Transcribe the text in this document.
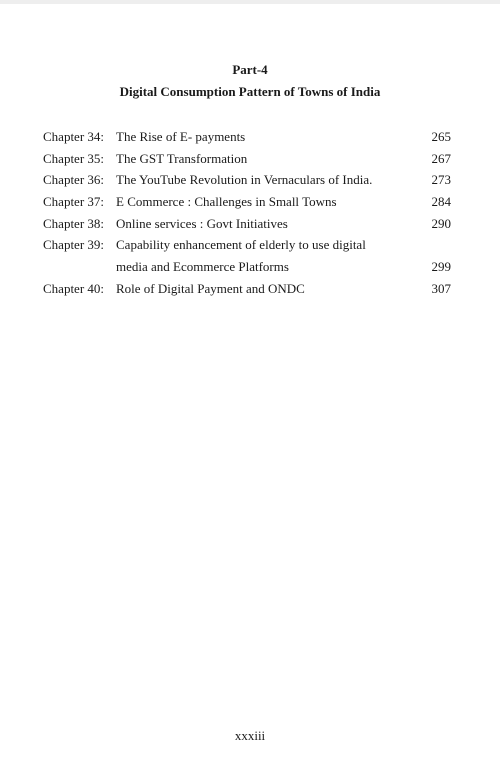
Part-4
Digital Consumption Pattern of Towns of India
Chapter 34: The Rise of E- payments	265
Chapter 35: The GST Transformation	267
Chapter 36: The YouTube Revolution in Vernaculars of India.	273
Chapter 37: E Commerce : Challenges in Small Towns	284
Chapter 38: Online services : Govt Initiatives	290
Chapter 39: Capability enhancement of elderly to use digital
media and Ecommerce Platforms	299
Chapter 40: Role of Digital Payment and ONDC	307
xxxiii
